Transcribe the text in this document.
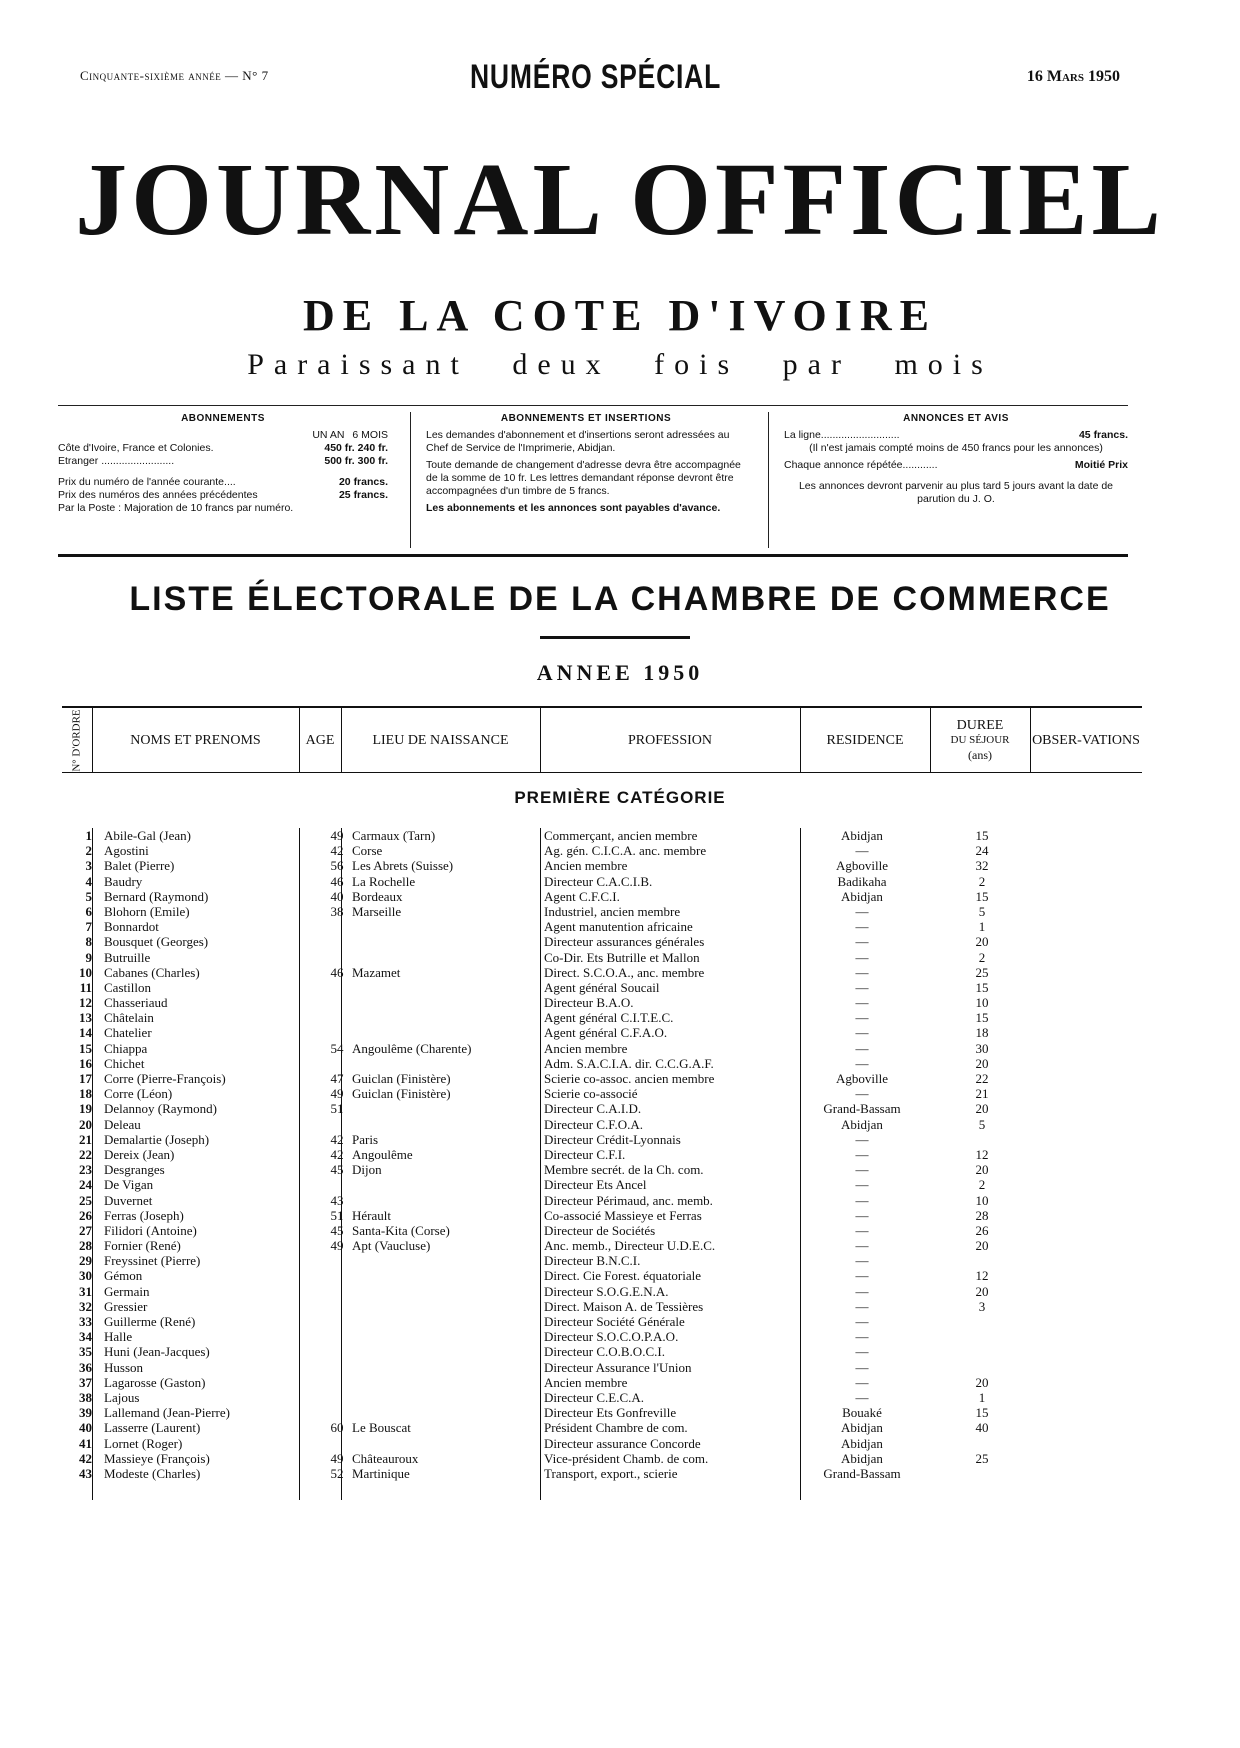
Cinquante-sixième année — N° 7	NUMÉRO SPÉCIAL	16 Mars 1950
JOURNAL OFFICIEL
DE LA COTE D'IVOIRE
Paraissant deux fois par mois
ABONNEMENTS
UN AN 6 MOIS
Côte d'Ivoire, France et Colonies.	450 fr. 240 fr.
Etranger .........................	500 fr. 300 fr.
Prix du numéro de l'année courante....	20 francs.
Prix des numéros des années précédentes	25 francs.
Par la Poste : Majoration de 10 francs par numéro.
ABONNEMENTS ET INSERTIONS
Les demandes d'abonnement et d'insertions seront adressées au Chef de Service de l'Imprimerie, Abidjan.
Toute demande de changement d'adresse devra être accompagnée de la somme de 10 fr. Les lettres demandant réponse devront être accompagnées d'un timbre de 5 francs.
Les abonnements et les annonces sont payables d'avance.
ANNONCES ET AVIS
La ligne...........................	45 francs.
(Il n'est jamais compté moins de 450 francs pour les annonces)
Chaque annonce répétée............	Moitié Prix
Les annonces devront parvenir au plus tard 5 jours avant la date de parution du J. O.
LISTE ÉLECTORALE DE LA CHAMBRE DE COMMERCE
ANNEE 1950
N° D'ORDRE	NOMS ET PRENOMS	AGE	LIEU DE NAISSANCE	PROFESSION	RESIDENCE
DUREE
DU SÉJOUR
(ans)
OBSER-VATIONS
PREMIÈRE CATÉGORIE
1 Abile-Gal (Jean)	49 Carmaux (Tarn)	Commerçant, ancien membre	Abidjan	15
2 Agostini	42 Corse	Ag. gén. C.I.C.A. anc. membre	—	24
3 Balet (Pierre)	56 Les Abrets (Suisse)	Ancien membre	Agboville	32
4 Baudry	46 La Rochelle	Directeur C.A.C.I.B.	Badikaha	2
5 Bernard (Raymond)	40 Bordeaux	Agent C.F.C.I.	Abidjan	15
6 Blohorn (Emile)	38 Marseille	Industriel, ancien membre	—	5
7 Bonnardot	Agent manutention africaine	—	1
8 Bousquet (Georges)	Directeur assurances générales	—	20
9 Butruille	Co-Dir. Ets Butrille et Mallon	—	2
10 Cabanes (Charles)	46 Mazamet	Direct. S.C.O.A., anc. membre	—	25
11 Castillon	Agent général Soucail	—	15
12 Chasseriaud	Directeur B.A.O.	—	10
13 Châtelain	Agent général C.I.T.E.C.	—	15
14 Chatelier	Agent général C.F.A.O.	—	18
15 Chiappa	54 Angoulême (Charente)	Ancien membre	—	30
16 Chichet	Adm. S.A.C.I.A. dir. C.C.G.A.F.	—	20
17 Corre (Pierre-François)	47 Guiclan (Finistère)	Scierie co-assoc. ancien membre	Agboville	22
18 Corre (Léon)	49 Guiclan (Finistère)	Scierie co-associé	—	21
19 Delannoy (Raymond)	51	Directeur C.A.I.D.	Grand-Bassam	20
20 Deleau	Directeur C.F.O.A.	Abidjan	5
21 Demalartie (Joseph)	42 Paris	Directeur Crédit-Lyonnais	—
22 Dereix (Jean)	42 Angoulême	Directeur C.F.I.	—	12
23 Desgranges	45 Dijon	Membre secrét. de la Ch. com.	—	20
24 De Vigan	Directeur Ets Ancel	—	2
25 Duvernet	43	Directeur Périmaud, anc. memb.	—	10
26 Ferras (Joseph)	51 Hérault	Co-associé Massieye et Ferras	—	28
27 Filidori (Antoine)	45 Santa-Kita (Corse)	Directeur de Sociétés	—	26
28 Fornier (René)	49 Apt (Vaucluse)	Anc. memb., Directeur U.D.E.C.	—	20
29 Freyssinet (Pierre)	Directeur B.N.C.I.	—
30 Gémon	Direct. Cie Forest. équatoriale	—	12
31 Germain	Directeur S.O.G.E.N.A.	—	20
32 Gressier	Direct. Maison A. de Tessières	—	3
33 Guillerme (René)	Directeur Société Générale	—
34 Halle	Directeur S.O.C.O.P.A.O.	—
35 Huni (Jean-Jacques)	Directeur C.O.B.O.C.I.	—
36 Husson	Directeur Assurance l'Union	—
37 Lagarosse (Gaston)	Ancien membre	—	20
38 Lajous	Directeur C.E.C.A.	—	1
39 Lallemand (Jean-Pierre)	Directeur Ets Gonfreville	Bouaké	15
40 Lasserre (Laurent)	60 Le Bouscat	Président Chambre de com.	Abidjan	40
41 Lornet (Roger)	Directeur assurance Concorde	Abidjan
42 Massieye (François)	49 Châteauroux	Vice-président Chamb. de com.	Abidjan	25
43 Modeste (Charles)	52 Martinique	Transport, export., scierie	Grand-Bassam
